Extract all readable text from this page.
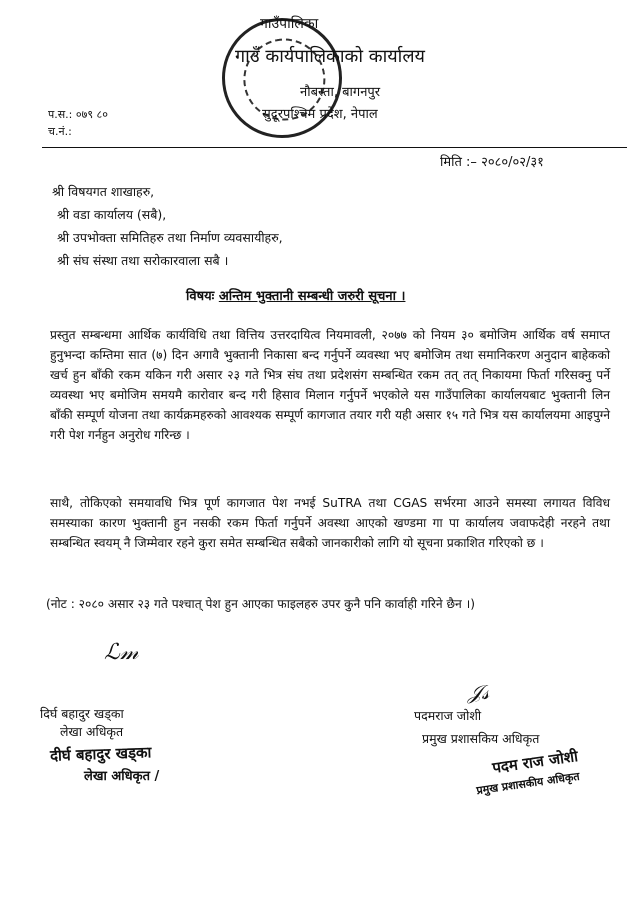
गाउँपालिका
गाउँ कार्यपालिकाको कार्यालय
नौबस्ता, बागनपुर
सुदूरपश्चिम प्रदेश, नेपाल
प.स.: ०७९ ८०
च.नं.:
मिति :– २०८०/०२/३१
श्री विषयगत शाखाहरु,
श्री वडा कार्यालय (सबै),
श्री उपभोक्ता समितिहरु तथा निर्माण व्यवसायीहरु,
श्री संघ संस्था तथा सरोकारवाला सबै ।
विषयः अन्तिम भुक्तानी सम्बन्धी जरुरी सूचना ।
प्रस्तुत सम्बन्धमा आर्थिक कार्यविधि तथा वित्तिय उत्तरदायित्व नियमावली, २०७७ को नियम ३० बमोजिम आर्थिक वर्ष समाप्त हुनुभन्दा कम्तिमा सात (७) दिन अगावै भुक्तानी निकासा बन्द गर्नुपर्ने व्यवस्था भए बमोजिम तथा समानिकरण अनुदान बाहेकको खर्च हुन बाँकी रकम यकिन गरी असार २३ गते भित्र संघ तथा प्रदेशसंग सम्बन्धित रकम तत् तत् निकायमा फिर्ता गरिसक्नु पर्ने व्यवस्था भए बमोजिम समयमै कारोवार बन्द गरी हिसाव मिलान गर्नुपर्ने भएकोले यस गाउँपालिका कार्यालयबाट भुक्तानी लिन बाँकी सम्पूर्ण योजना तथा कार्यक्रमहरुको आवश्यक सम्पूर्ण कागजात तयार गरी यही असार १५ गते भित्र यस कार्यालयमा आइपुग्ने गरी पेश गर्नहुन अनुरोध गरिन्छ ।
साथै, तोकिएको समयावधि भित्र पूर्ण कागजात पेश नभई SuTRA तथा CGAS सर्भरमा आउने समस्या लगायत विविध समस्याका कारण भुक्तानी हुन नसकी रकम फिर्ता गर्नुपर्ने अवस्था आएको खण्डमा गा पा कार्यालय जवाफदेही नरहने तथा सम्बन्धित स्वयम् नै जिम्मेवार रहने कुरा समेत सम्बन्धित सबैको जानकारीको लागि यो सूचना प्रकाशित गरिएको छ ।
(नोट : २०८० असार २३ गते पश्चात् पेश हुन आएका फाइलहरु उपर कुनै पनि कार्वाही गरिने छैन ।)
ℒ𝓂
दिर्घ बहादुर खड्का
लेखा अधिकृत
दीर्घ बहादुर खड्का
लेखा अधिकृत /
𝒥𝓈
पदमराज जोशी
प्रमुख प्रशासकिय अधिकृत
पदम राज जोशी
प्रमुख प्रशासकीय अधिकृत
